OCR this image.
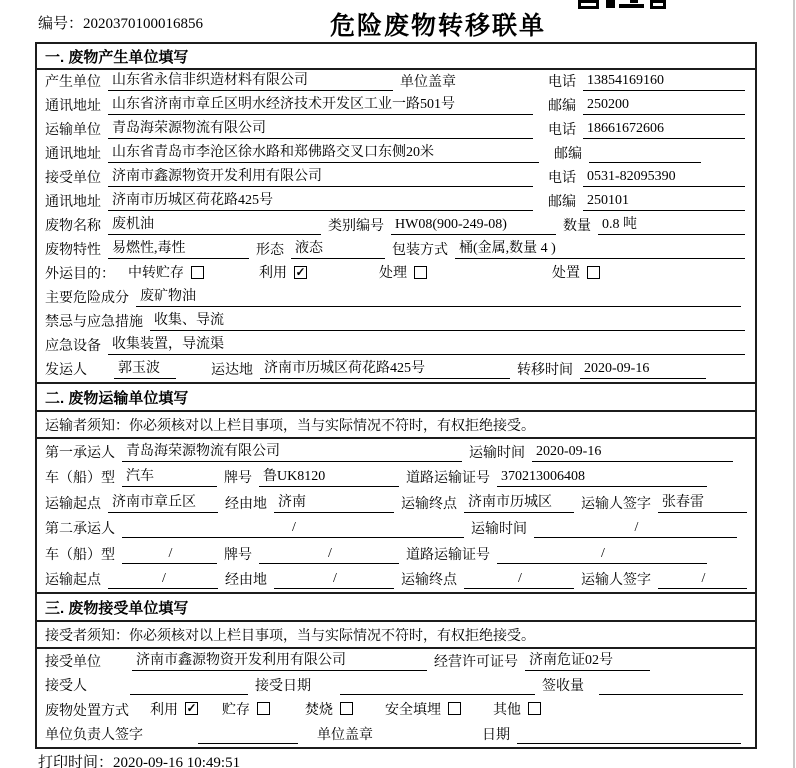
编号：2020370100016856	危险废物转移联单
一. 废物产生单位填写
产生单位 山东省永信非织造材料有限公司	单位盖章	电话 13854169160
通讯地址 山东省济南市章丘区明水经济技术开发区工业一路501号	邮编 250200
运输单位 青岛海荣源物流有限公司	电话 18661672606
通讯地址 山东省青岛市李沧区徐水路和郑佛路交叉口东侧20米	邮编
接受单位 济南市鑫源物资开发利用有限公司	电话 0531-82095390
通讯地址 济南市历城区荷花路425号	邮编 250101
废物名称 废机油	类别编号 HW08(900-249-08)	数量 0.8 吨
废物特性 易燃性,毒性	形态 液态	包装方式 桶(金属,数量 4 )
外运目的： 中转贮存	利用 ✓	处理	处置
主要危险成分 废矿物油
禁忌与应急措施 收集、导流
应急设备 收集装置，导流渠
发运人	郭玉波	运达地 济南市历城区荷花路425号	转移时间 2020-09-16
二. 废物运输单位填写
运输者须知：你必须核对以上栏目事项，当与实际情况不符时，有权拒绝接受。
第一承运人 青岛海荣源物流有限公司	运输时间 2020-09-16
车（船）型 汽车	牌号 鲁UK8120	道路运输证号 370213006408
运输起点 济南市章丘区	经由地 济南	运输终点 济南市历城区	运输人签字 张春雷
第二承运人	/	运输时间	/
车（船）型	/	牌号	/	道路运输证号	/
运输起点	/	经由地	/	运输终点	/	运输人签字	/
三. 废物接受单位填写
接受者须知：你必须核对以上栏目事项，当与实际情况不符时，有权拒绝接受。
接受单位	济南市鑫源物资开发利用有限公司	经营许可证号 济南危证02号
接受人	接受日期	签收量
废物处置方式	利用 ✓ 贮存	焚烧	安全填埋	其他
单位负责人签字	单位盖章	日期
打印时间：2020-09-16 10:49:51
